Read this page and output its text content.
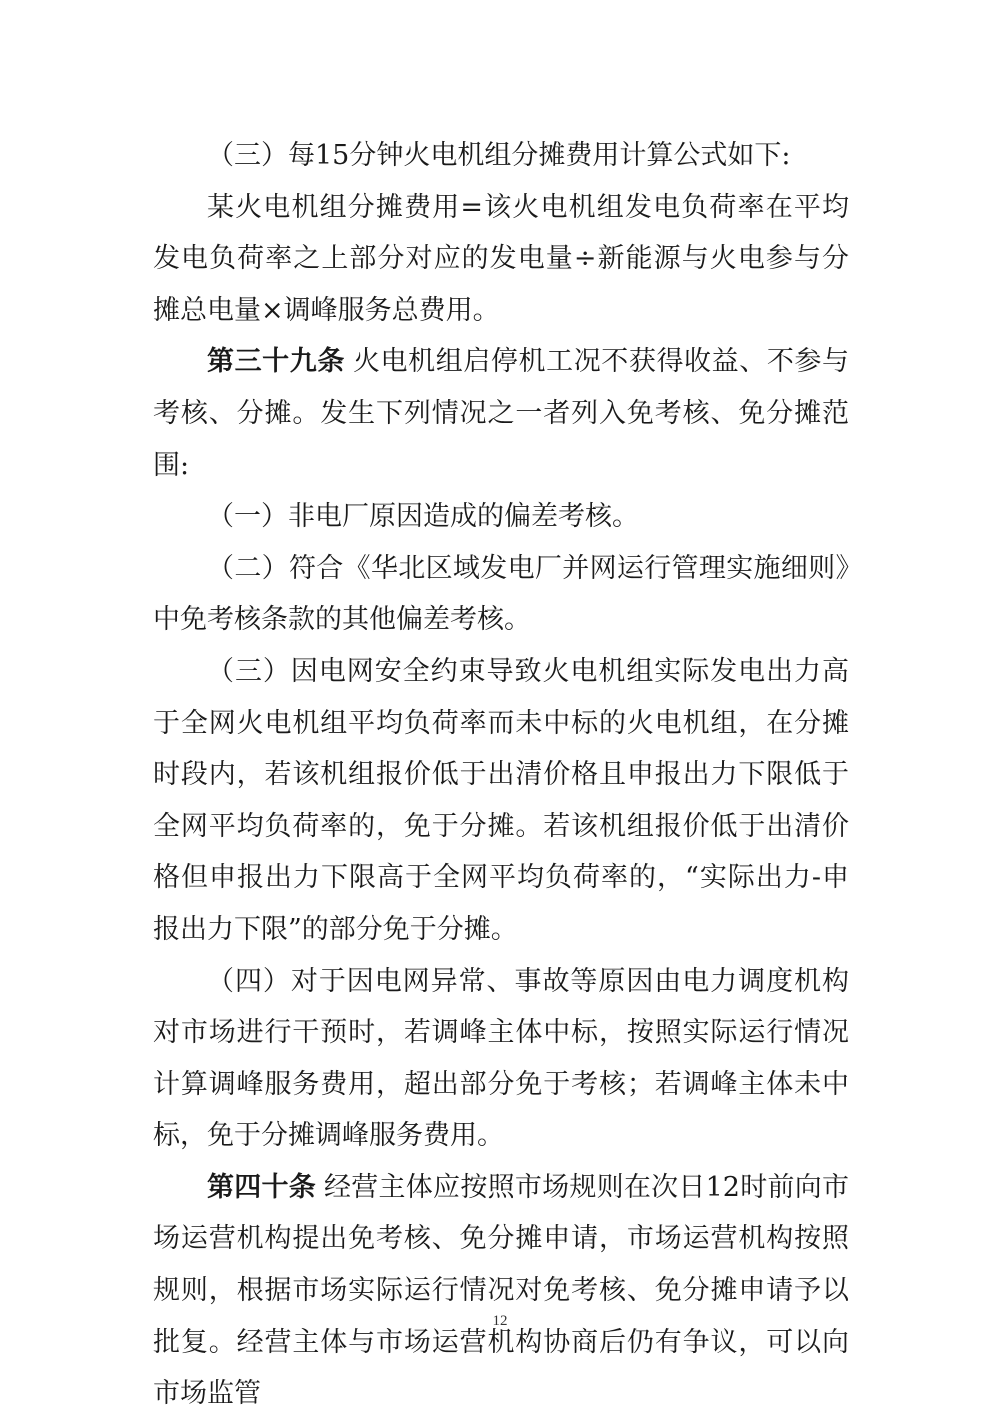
（三）每15分钟火电机组分摊费用计算公式如下:

某火电机组分摊费用=该火电机组发电负荷率在平均发电负荷率之上部分对应的发电量÷新能源与火电参与分摊总电量×调峰服务总费用。

第三十九条 火电机组启停机工况不获得收益、不参与考核、分摊。发生下列情况之一者列入免考核、免分摊范围:

（一）非电厂原因造成的偏差考核。

（二）符合《华北区域发电厂并网运行管理实施细则》中免考核条款的其他偏差考核。

（三）因电网安全约束导致火电机组实际发电出力高于全网火电机组平均负荷率而未中标的火电机组，在分摊时段内，若该机组报价低于出清价格且申报出力下限低于全网平均负荷率的，免于分摊。若该机组报价低于出清价格但申报出力下限高于全网平均负荷率的，“实际出力-申报出力下限”的部分免于分摊。

（四）对于因电网异常、事故等原因由电力调度机构对市场进行干预时，若调峰主体中标，按照实际运行情况计算调峰服务费用，超出部分免于考核；若调峰主体未中标，免于分摊调峰服务费用。

第四十条 经营主体应按照市场规则在次日12时前向市场运营机构提出免考核、免分摊申请，市场运营机构按照规则，根据市场实际运行情况对免考核、免分摊申请予以批复。经营主体与市场运营机构协商后仍有争议，可以向市场监管

12
